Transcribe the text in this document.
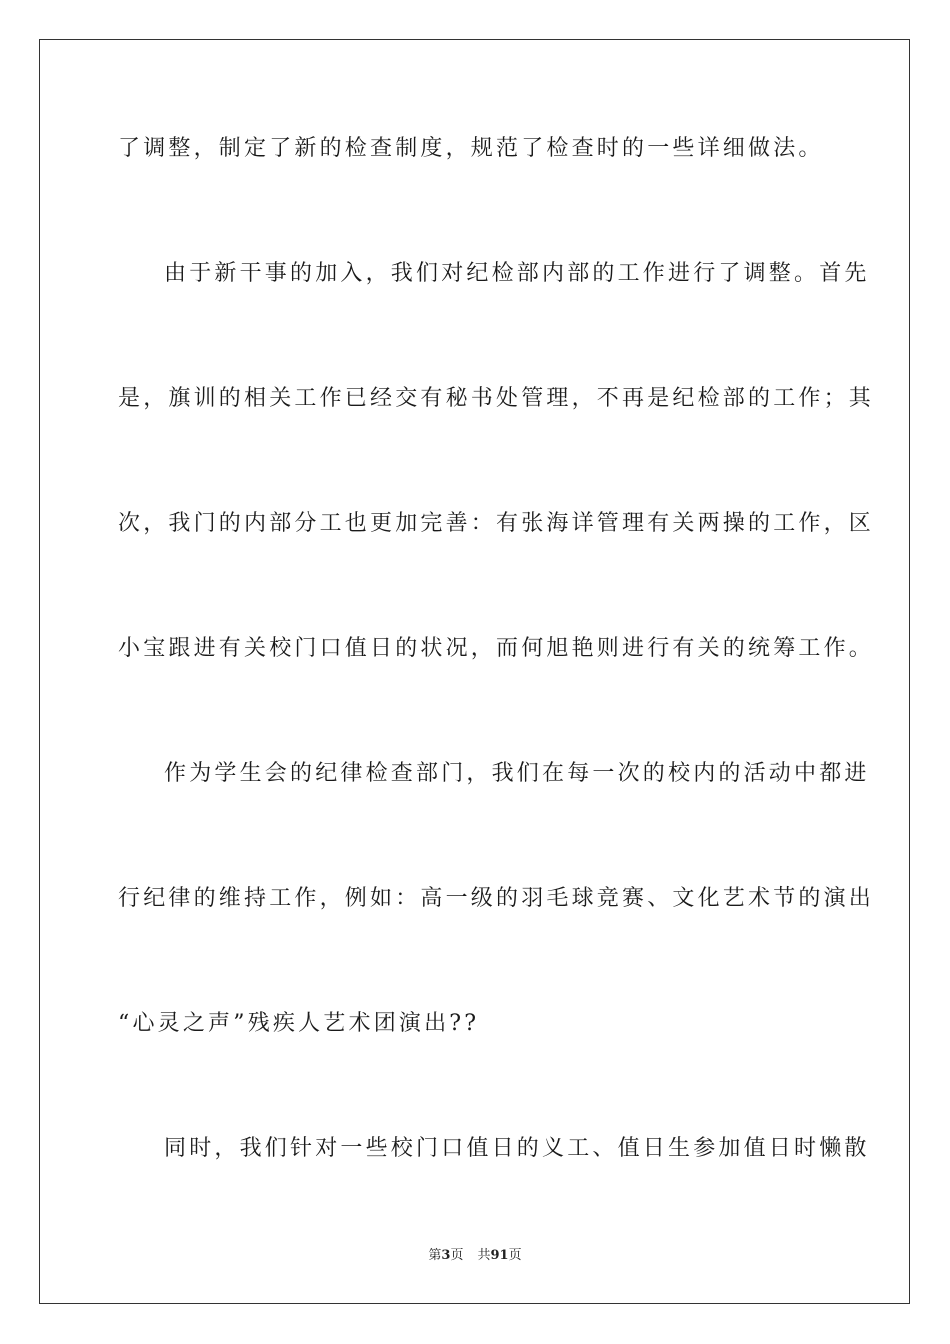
了调整，制定了新的检查制度，规范了检查时的一些详细做法。
由于新干事的加入，我们对纪检部内部的工作进行了调整。首先
是，旗训的相关工作已经交有秘书处管理，不再是纪检部的工作；其
次，我门的内部分工也更加完善：有张海详管理有关两操的工作，区
小宝跟进有关校门口值日的状况，而何旭艳则进行有关的统筹工作。
作为学生会的纪律检查部门，我们在每一次的校内的活动中都进
行纪律的维持工作，例如：高一级的羽毛球竞赛、文化艺术节的演出
“心灵之声”残疾人艺术团演出??
同时，我们针对一些校门口值日的义工、值日生参加值日时懒散
第3页 共91页
